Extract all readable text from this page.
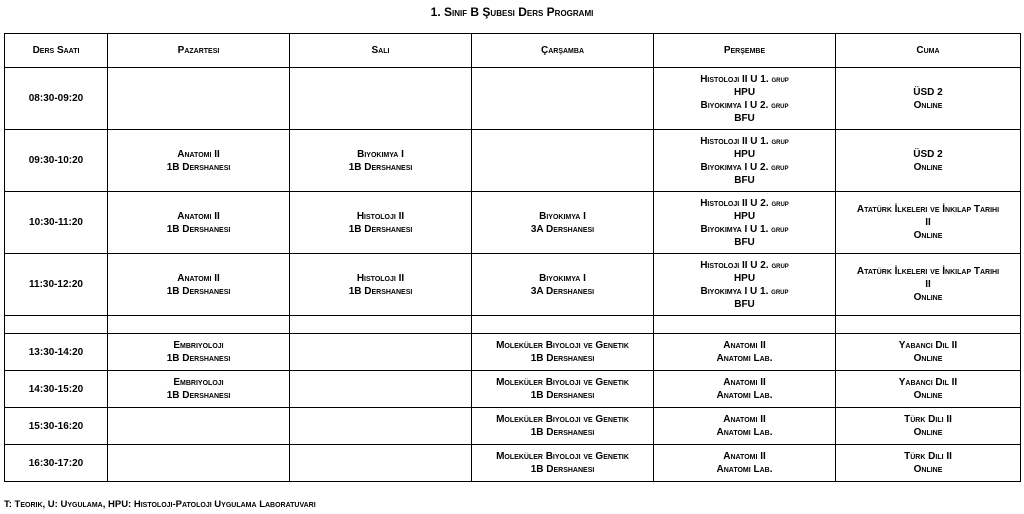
1. Sınıf B Şubesi Ders Programı
Ders Saati	Pazartesi	Salı	Çarşamba	Perşembe	Cuma
08:30-09:20				Histoloji II U 1. grup
HPU
Biyokimya I U 2. grup
BFU	ÜSD 2
Online
09:30-10:20	Anatomi II
1B Dershanesi	Biyokimya I
1B Dershanesi		Histoloji II U 1. grup
HPU
Biyokimya I U 2. grup
BFU	ÜSD 2
Online
10:30-11:20	Anatomi II
1B Dershanesi	Histoloji II
1B Dershanesi	Biyokimya I
3A Dershanesi	Histoloji II U 2. grup
HPU
Biyokimya I U 1. grup
BFU	Atatürk İlkeleri ve İnkılap Tarihi
II
Online
11:30-12:20	Anatomi II
1B Dershanesi	Histoloji II
1B Dershanesi	Biyokimya I
3A Dershanesi	Histoloji II U 2. grup
HPU
Biyokimya I U 1. grup
BFU	Atatürk İlkeleri ve İnkılap Tarihi
II
Online

13:30-14:20	Embriyoloji
1B Dershanesi		Moleküler Biyoloji ve Genetik
1B Dershanesi	Anatomi II
Anatomi Lab.	Yabancı Dil II
Online
14:30-15:20	Embriyoloji
1B Dershanesi		Moleküler Biyoloji ve Genetik
1B Dershanesi	Anatomi II
Anatomi Lab.	Yabancı Dil II
Online
15:30-16:20			Moleküler Biyoloji ve Genetik
1B Dershanesi	Anatomi II
Anatomi Lab.	Türk Dili II
Online
16:30-17:20			Moleküler Biyoloji ve Genetik
1B Dershanesi	Anatomi II
Anatomi Lab.	Türk Dili II
Online
T: Teorik, U: Uygulama, HPU: Histoloji-Patoloji Uygulama Laboratuvarı
